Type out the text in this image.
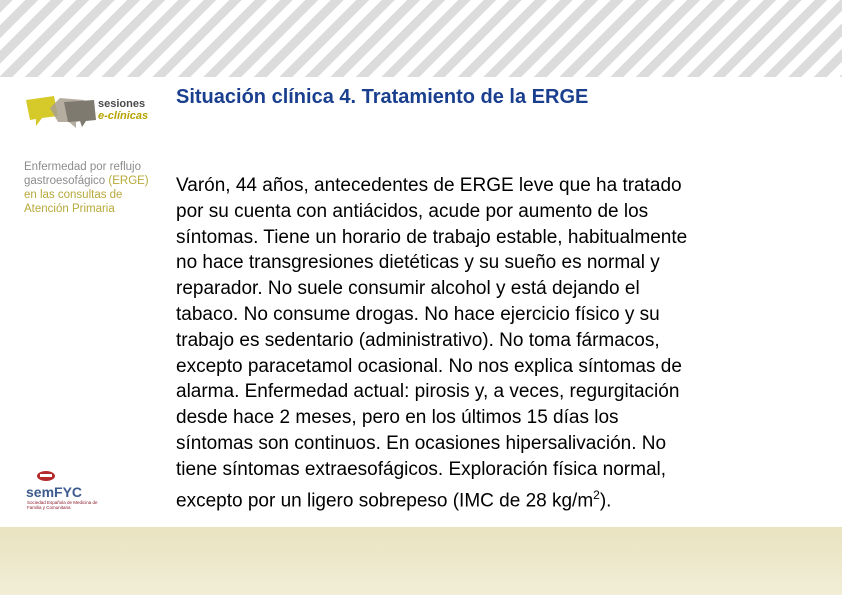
sesiones
e-clínicas
Enfermedad por reflujo
gastroesofágico (ERGE)
en las consultas de
Atención Primaria
semFYC
Sociedad Española de Medicina de Familia y Comunitaria
Situación clínica 4. Tratamiento de la ERGE
Varón, 44 años, antecedentes de ERGE leve que ha tratado
por su cuenta con antiácidos, acude por aumento de los
síntomas. Tiene un horario de trabajo estable, habitualmente
no hace transgresiones dietéticas y su sueño es normal y
reparador. No suele consumir alcohol y está dejando el
tabaco. No consume drogas. No hace ejercicio físico y su
trabajo es sedentario (administrativo). No toma fármacos,
excepto paracetamol ocasional. No nos explica síntomas de
alarma. Enfermedad actual: pirosis y, a veces, regurgitación
desde hace 2 meses, pero en los últimos 15 días los
síntomas son continuos. En ocasiones hipersalivación. No
tiene síntomas extraesofágicos. Exploración física normal,
excepto por un ligero sobrepeso (IMC de 28 $kg/m^2$).
